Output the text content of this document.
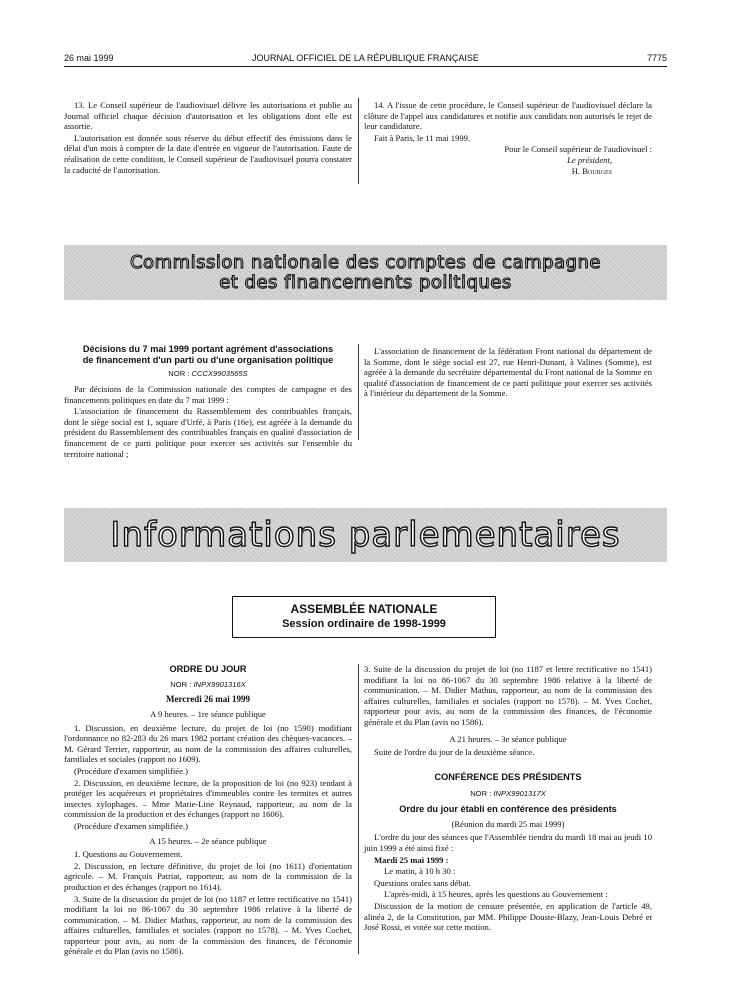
26 mai 1999	JOURNAL OFFICIEL DE LA RÉPUBLIQUE FRANÇAISE	7775

13. Le Conseil supérieur de l'audiovisuel délivre les autorisations et publie au Journal officiel chaque décision d'autorisation et les obligations dont elle est assortie.

L'autorisation est donnée sous réserve du début effectif des émissions dans le délai d'un mois à compter de la date d'entrée en vigueur de l'autorisation. Faute de réalisation de cette condition, le Conseil supérieur de l'audiovisuel pourra constater la caducité de l'autorisation.

14. A l'issue de cette procédure, le Conseil supérieur de l'audiovisuel déclare la clôture de l'appel aux candidatures et notifie aux candidats non autorisés le rejet de leur candidature.

Fait à Paris, le 11 mai 1999.

Pour le Conseil supérieur de l'audiovisuel :
Le président,
H. Bourges
Commission nationale des comptes de campagne
et des financements politiques
Décisions du 7 mai 1999 portant agrément d'associations
de financement d'un parti ou d'une organisation politique
NOR : CCCX9903565S

Par décisions de la Commission nationale des comptes de campagne et des financements politiques en date du 7 mai 1999 :

L'association de financement du Rassemblement des contribuables français, dont le siège social est 1, square d'Urfé, à Paris (16e), est agréée à la demande du président du Rassemblement des contribuables français en qualité d'association de financement de ce parti politique pour exercer ses activités sur l'ensemble du territoire national ;

L'association de financement de la fédération Front national du département de la Somme, dont le siège social est 27, rue Henri-Dunant, à Valines (Somme), est agréée à la demande du secrétaire départemental du Front national de la Somme en qualité d'association de financement de ce parti politique pour exercer ses activités à l'intérieur du département de la Somme.

Informations parlementaires
ASSEMBLÉE NATIONALE
Session ordinaire de 1998-1999
ORDRE DU JOUR
NOR : INPX9901316X
Mercredi 26 mai 1999
A 9 heures. – 1re séance publique

1. Discussion, en deuxième lecture, du projet de loi (no 1590) modifiant l'ordonnance no 82-283 du 26 mars 1982 portant création des chèques-vacances. – M. Gérard Terrier, rapporteur, au nom de la commission des affaires culturelles, familiales et sociales (rapport no 1609).

(Procédure d'examen simplifiée.)

2. Discussion, en deuxième lecture, de la proposition de loi (no 923) tendant à protéger les acquéreurs et propriétaires d'immeubles contre les termites et autres insectes xylophages. – Mme Marie-Line Reynaud, rapporteur, au nom de la commission de la production et des échanges (rapport no 1606).

(Procédure d'examen simplifiée.)

A 15 heures. – 2e séance publique

1. Questions au Gouvernement.

2. Discussion, en lecture définitive, du projet de loi (no 1611) d'orientation agricole. – M. François Patriat, rapporteur, au nom de la commission de la production et des échanges (rapport no 1614).

3. Suite de la discussion du projet de loi (no 1187 et lettre rectificative no 1541) modifiant la loi no 86-1067 du 30 septembre 1986 relative à la liberté de communication. – M. Didier Mathus, rapporteur, au nom de la commission des affaires culturelles, familiales et sociales (rapport no 1578). – M. Yves Cochet, rapporteur pour avis, au nom de la commission des finances, de l'économie générale et du Plan (avis no 1586).

3. Suite de la discussion du projet de loi (no 1187 et lettre rectificative no 1541) modifiant la loi no 86-1067 du 30 septembre 1986 relative à la liberté de communication. – M. Didier Mathus, rapporteur, au nom de la commission des affaires culturelles, familiales et sociales (rapport no 1578). – M. Yves Cochet, rapporteur pour avis, au nom de la commission des finances, de l'économie générale et du Plan (avis no 1586).

A 21 heures. – 3e séance publique

Suite de l'ordre du jour de la deuxième séance.

CONFÉRENCE DES PRÉSIDENTS
NOR : INPX9901317X
Ordre du jour établi en conférence des présidents
(Réunion du mardi 25 mai 1999)

L'ordre du jour des séances que l'Assemblée tiendra du mardi 18 mai au jeudi 10 juin 1999 a été ainsi fixé :

Mardi 25 mai 1999 :

Le matin, à 10 h 30 :

Questions orales sans débat.

L'après-midi, à 15 heures, après les questions au Gouvernement :

Discussion de la motion de censure présentée, en application de l'article 49, alinéa 2, de la Constitution, par MM. Philippe Douste-Blazy, Jean-Louis Debré et José Rossi, et votée sur cette motion.
